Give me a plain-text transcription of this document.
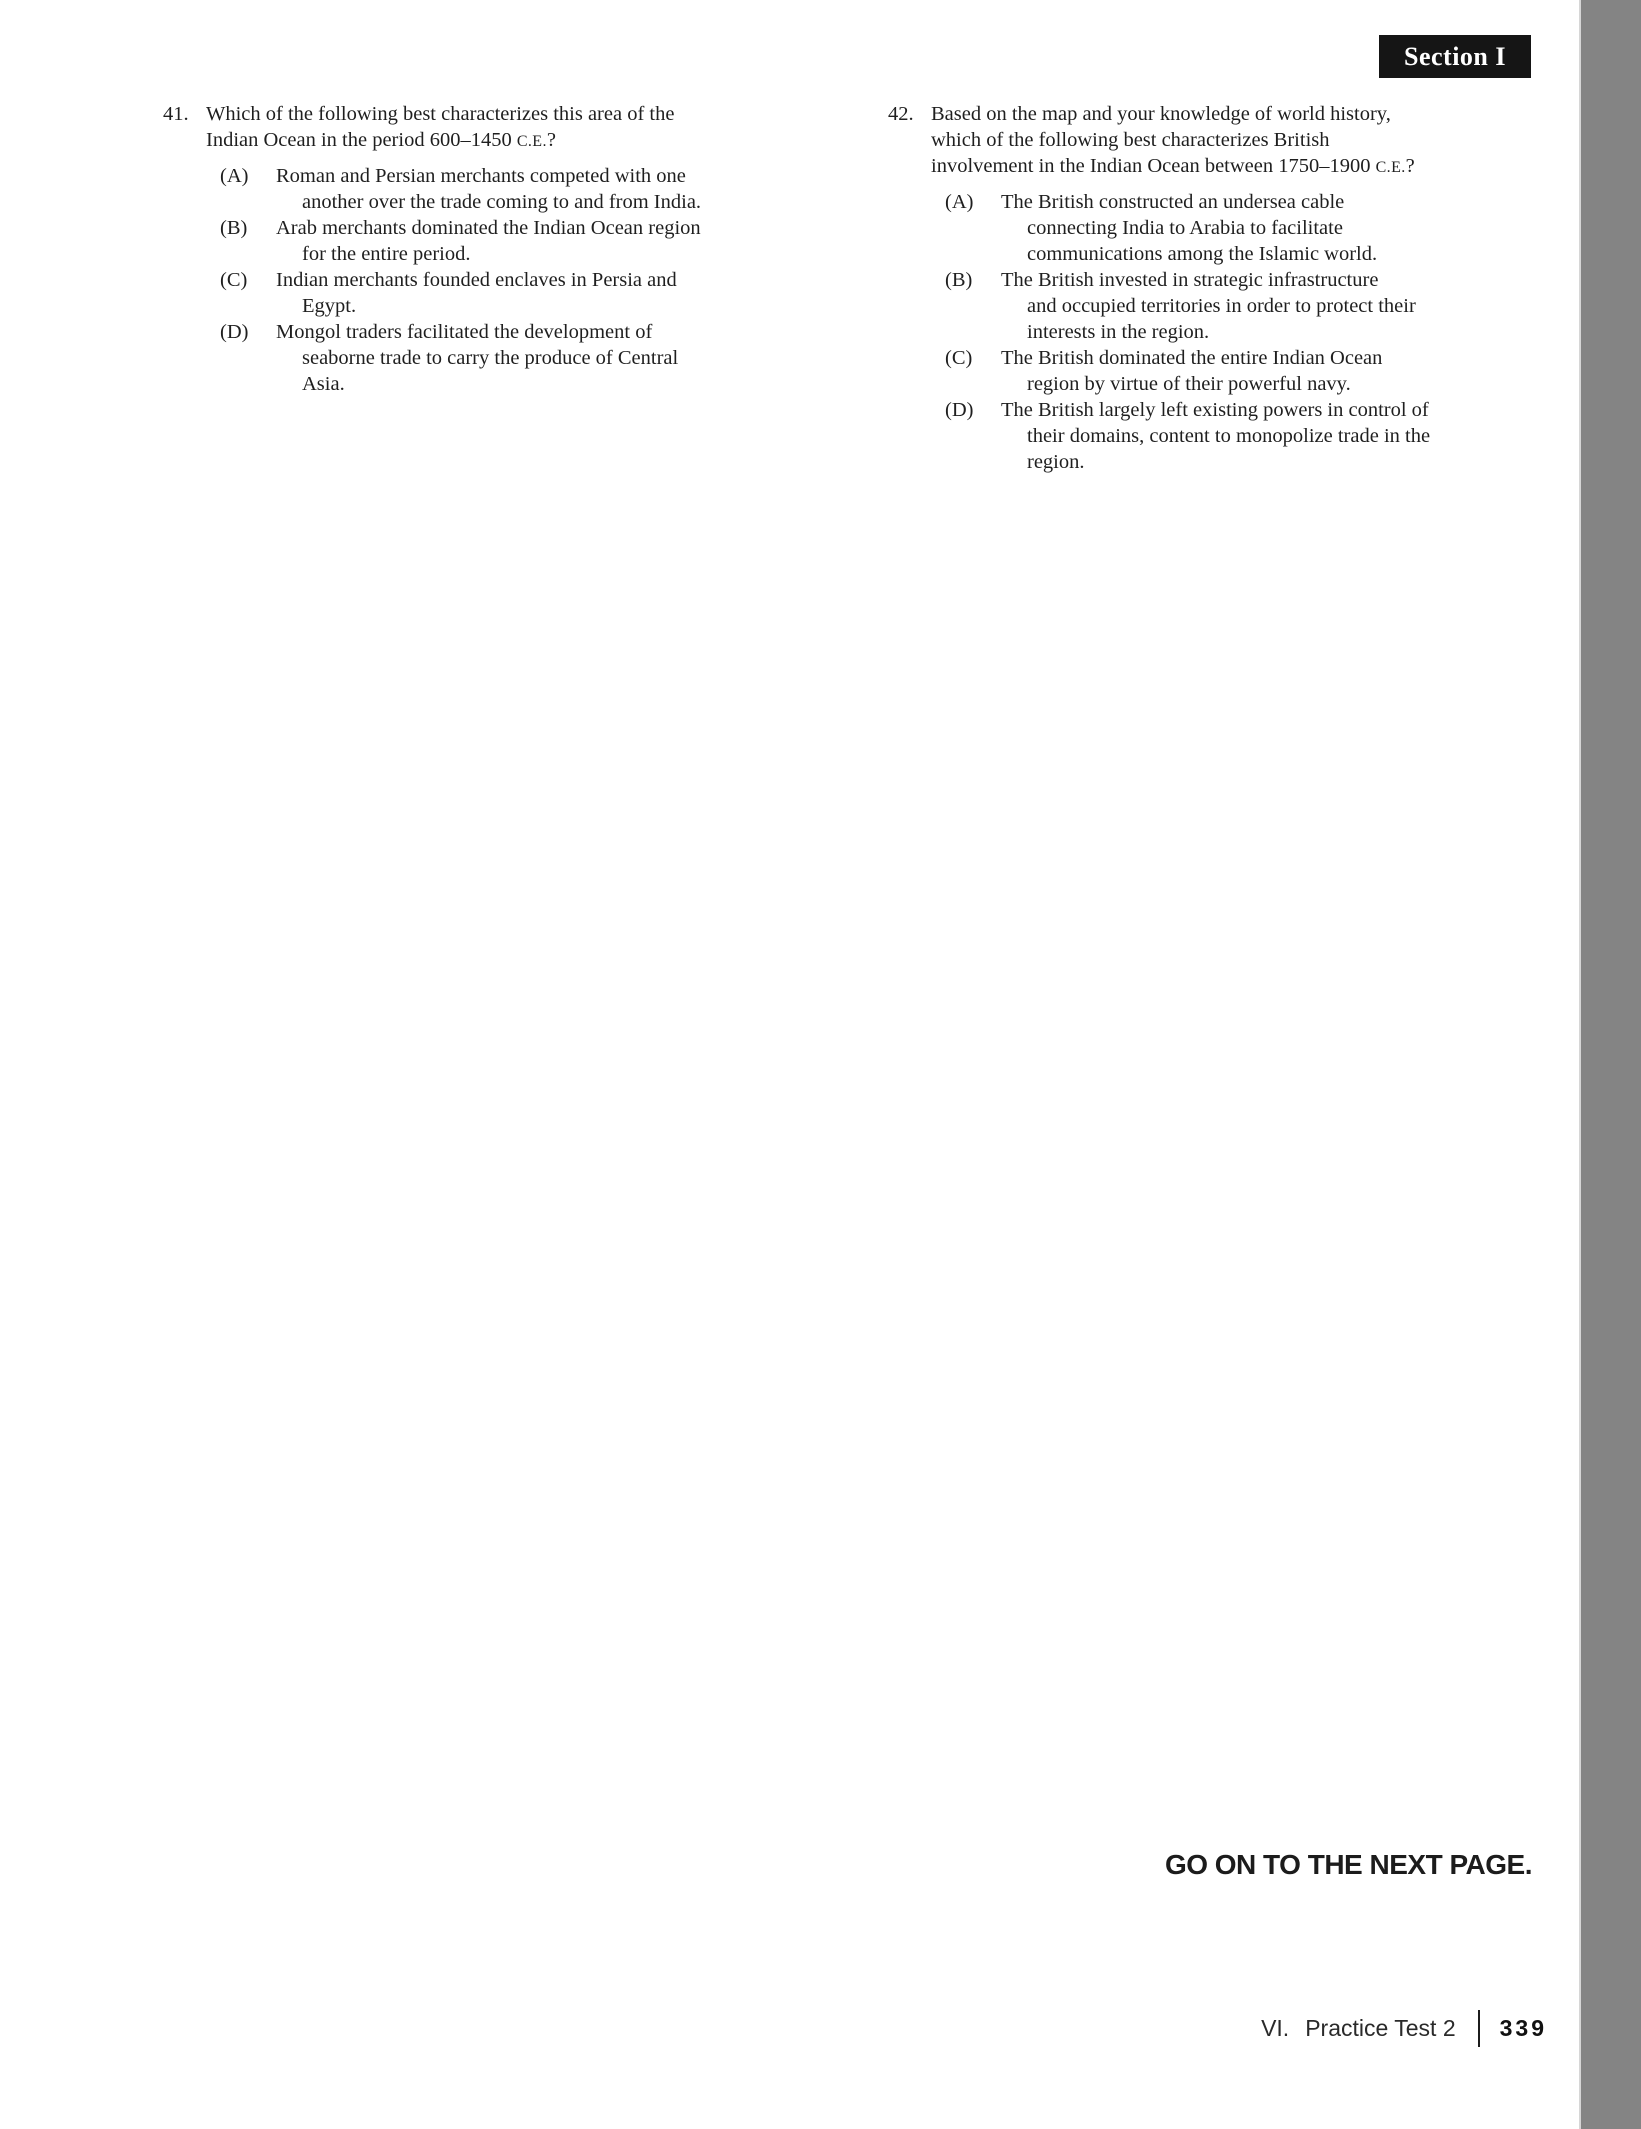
Section I
41. Which of the following best characterizes this area of the
Indian Ocean in the period 600–1450 C.E.?
(A)	Roman and Persian merchants competed with one
another over the trade coming to and from India.
(B)	Arab merchants dominated the Indian Ocean region
for the entire period.
(C)	Indian merchants founded enclaves in Persia and
Egypt.
(D)	Mongol traders facilitated the development of
seaborne trade to carry the produce of Central
Asia.
42. Based on the map and your knowledge of world history,
which of the following best characterizes British
involvement in the Indian Ocean between 1750–1900 C.E.?
(A)	The British constructed an undersea cable
connecting India to Arabia to facilitate
communications among the Islamic world.
(B)	The British invested in strategic infrastructure
and occupied territories in order to protect their
interests in the region.
(C)	The British dominated the entire Indian Ocean
region by virtue of their powerful navy.
(D)	The British largely left existing powers in control of
their domains, content to monopolize trade in the
region.
GO ON TO THE NEXT PAGE.
VI. Practice Test 2 339
